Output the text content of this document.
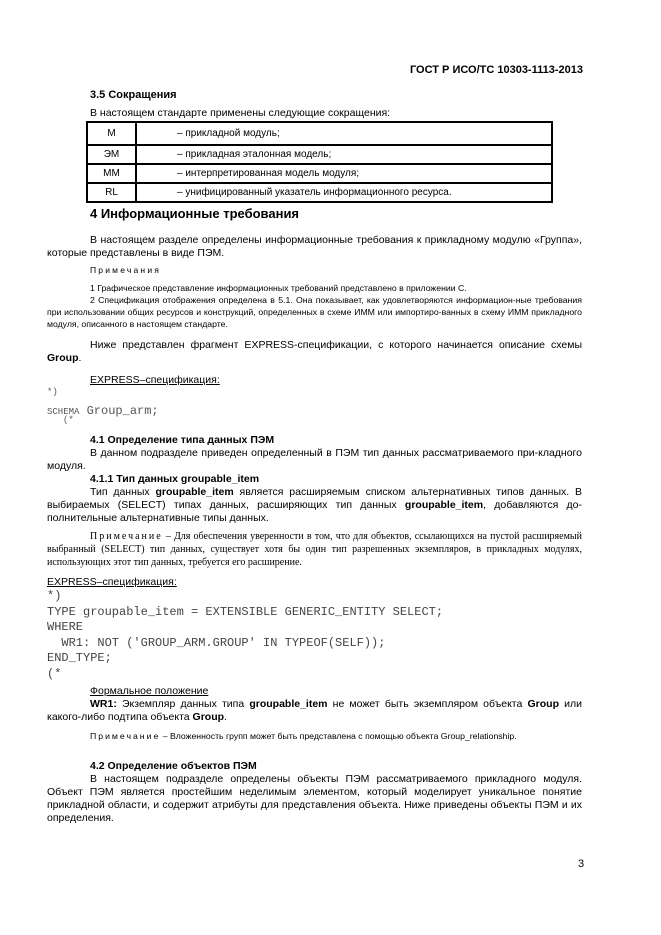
ГОСТ Р ИСО/ТС 10303-1113-2013
3.5 Сокращения
В настоящем стандарте применены следующие сокращения:
М	– прикладной модуль;
ЭМ	– прикладная эталонная модель;
ММ	– интерпретированная модель модуля;
RL	– унифицированный указатель информационного ресурса.
4 Информационные требования
В настоящем разделе определены информационные требования к прикладному модулю «Группа», которые представлены в виде ПЭМ.
Примечания
1 Графическое представление информационных требований представлено в приложении С.
2 Спецификация отображения определена в 5.1. Она показывает, как удовлетворяются информацион-ные требования при использовании общих ресурсов и конструкций, определенных в схеме ИММ или импортиро-ванных в схему ИММ прикладного модуля, описанного в настоящем стандарте.
Ниже представлен фрагмент EXPRESS-спецификации, с которого начинается описание схемы Group.
EXPRESS–спецификация:
*)
SCHEMA Group_arm;
(*
4.1 Определение типа данных ПЭМ
В данном подразделе приведен определенный в ПЭМ тип данных рассматриваемого при-кладного модуля.
4.1.1 Тип данных groupable_item
Тип данных groupable_item является расширяемым списком альтернативных типов данных. В выбираемых (SELECT) типах данных, расширяющих тип данных groupable_item, добавляются до-полнительные альтернативные типы данных.
Примечание – Для обеспечения уверенности в том, что для объектов, ссылающихся на пустой расширяемый выбранный (SELECT) тип данных, существует хотя бы один тип разрешенных экземпляров, в прикладных модулях, использующих этот тип данных, требуется его расширение.
EXPRESS–спецификация:
*)
TYPE groupable_item = EXTENSIBLE GENERIC_ENTITY SELECT;
WHERE
WR1: NOT ('GROUP_ARM.GROUP' IN TYPEOF(SELF));
END_TYPE;
(*
Формальное положение
WR1: Экземпляр данных типа groupable_item не может быть экземпляром объекта Group или какого-либо подтипа объекта Group.
Примечание – Вложенность групп может быть представлена с помощью объекта Group_relationship.
4.2 Определение объектов ПЭМ
В настоящем подразделе определены объекты ПЭМ рассматриваемого прикладного модуля. Объект ПЭМ является простейшим неделимым элементом, который моделирует уникальное понятие прикладной области, и содержит атрибуты для представления объекта. Ниже приведены объекты ПЭМ и их определения.
3
